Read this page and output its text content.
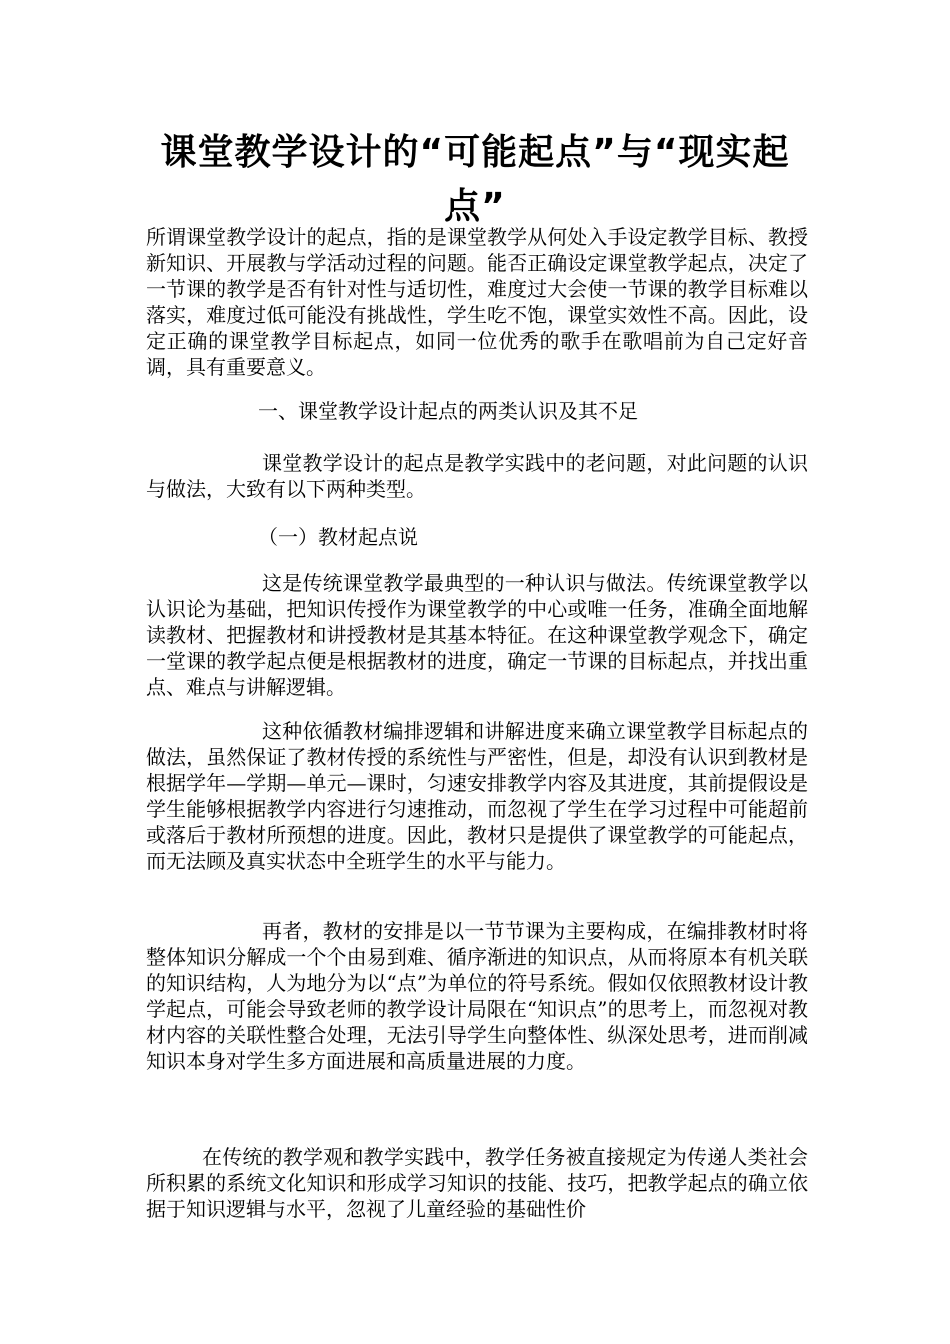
课堂教学设计的“可能起点”与“现实起点”

所谓课堂教学设计的起点，指的是课堂教学从何处入手设定教学目标、教授新知识、开展教与学活动过程的问题。能否正确设定课堂教学起点，决定了一节课的教学是否有针对性与适切性，难度过大会使一节课的教学目标难以落实，难度过低可能没有挑战性，学生吃不饱，课堂实效性不高。因此，设定正确的课堂教学目标起点，如同一位优秀的歌手在歌唱前为自己定好音调，具有重要意义。

一、课堂教学设计起点的两类认识及其不足

课堂教学设计的起点是教学实践中的老问题，对此问题的认识与做法，大致有以下两种类型。

（一）教材起点说

这是传统课堂教学最典型的一种认识与做法。传统课堂教学以认识论为基础，把知识传授作为课堂教学的中心或唯一任务，准确全面地解读教材、把握教材和讲授教材是其基本特征。在这种课堂教学观念下，确定一堂课的教学起点便是根据教材的进度，确定一节课的目标起点，并找出重点、难点与讲解逻辑。

这种依循教材编排逻辑和讲解进度来确立课堂教学目标起点的做法，虽然保证了教材传授的系统性与严密性，但是，却没有认识到教材是根据学年—学期—单元—课时，匀速安排教学内容及其进度，其前提假设是学生能够根据教学内容进行匀速推动，而忽视了学生在学习过程中可能超前或落后于教材所预想的进度。因此，教材只是提供了课堂教学的可能起点，而无法顾及真实状态中全班学生的水平与能力。

再者，教材的安排是以一节节课为主要构成，在编排教材时将整体知识分解成一个个由易到难、循序渐进的知识点，从而将原本有机关联的知识结构，人为地分为以“点”为单位的符号系统。假如仅依照教材设计教学起点，可能会导致老师的教学设计局限在“知识点”的思考上，而忽视对教材内容的关联性整合处理，无法引导学生向整体性、纵深处思考，进而削减知识本身对学生多方面进展和高质量进展的力度。

在传统的教学观和教学实践中，教学任务被直接规定为传递人类社会所积累的系统文化知识和形成学习知识的技能、技巧，把教学起点的确立依据于知识逻辑与水平，忽视了儿童经验的基础性价
